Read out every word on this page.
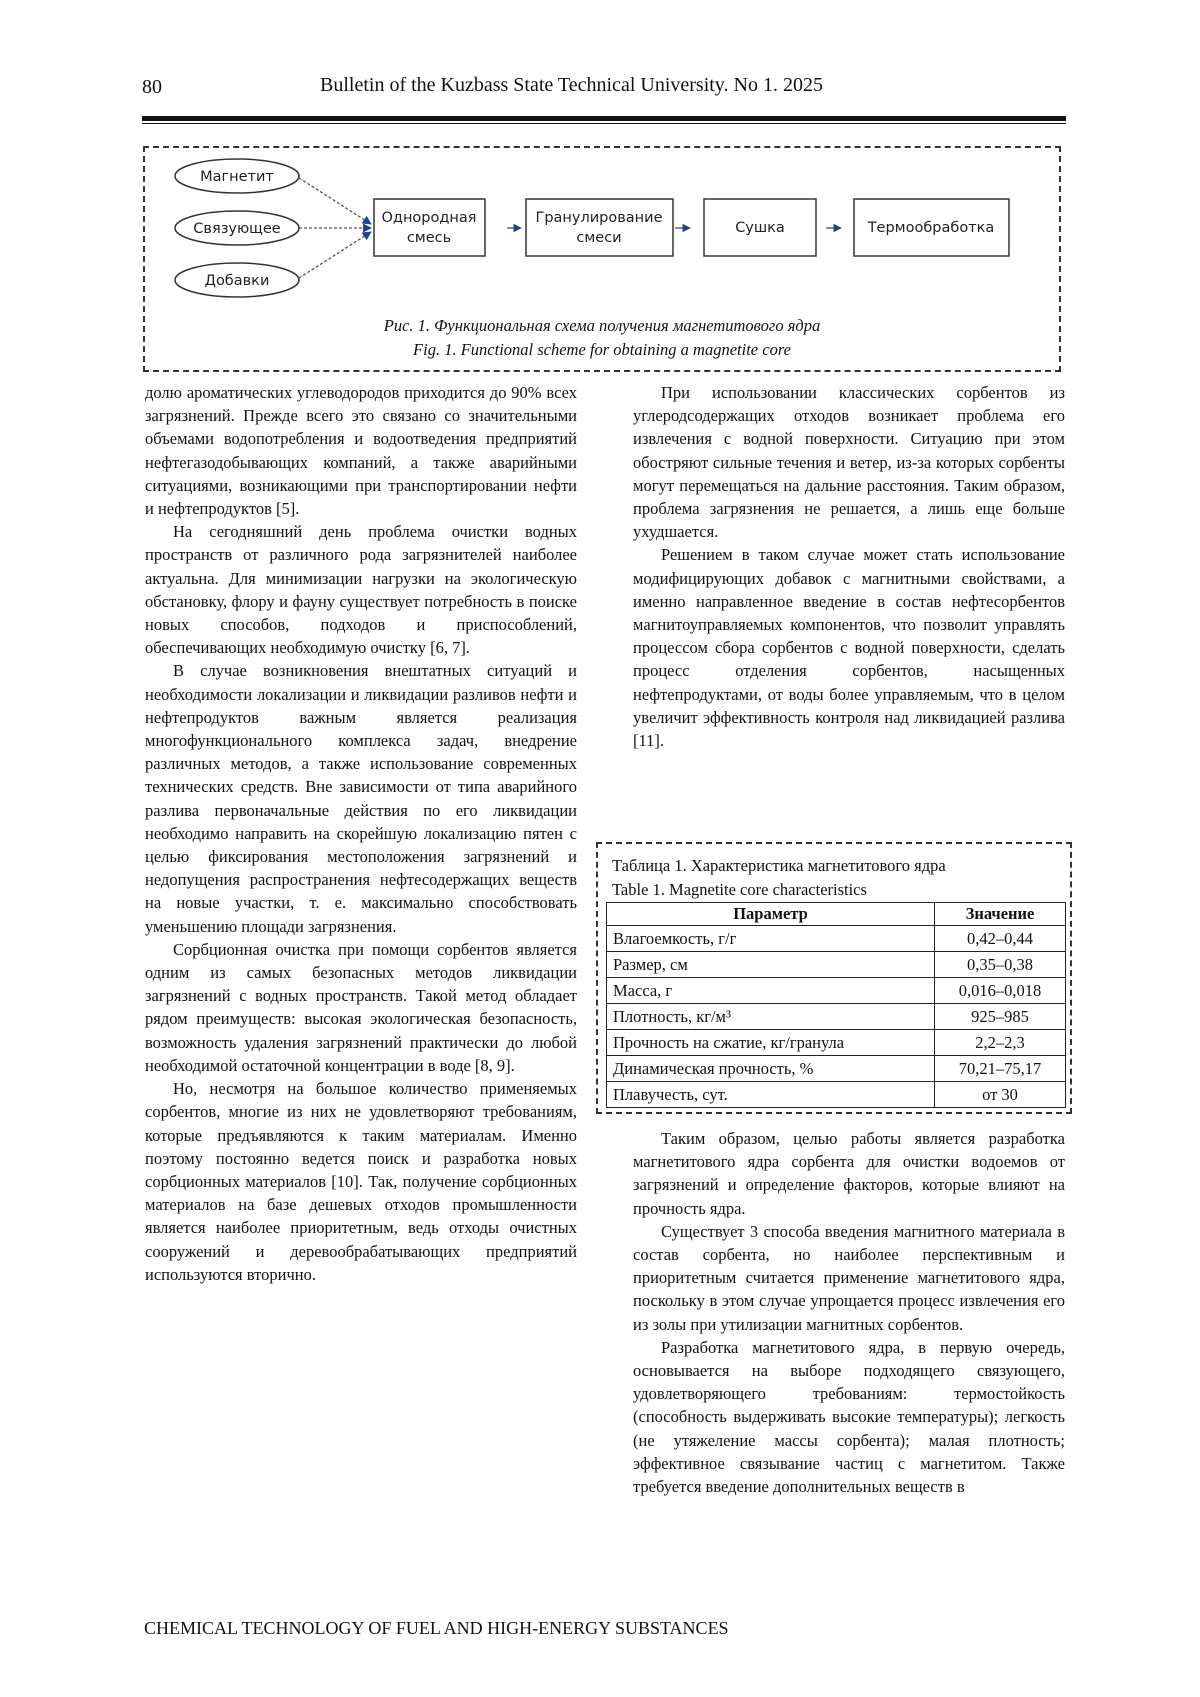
80	Bulletin of the Kuzbass State Technical University. No 1. 2025
Магнетит
Связующее
Добавки
Однородная
смесь
Гранулирование
смеси
Сушка	Термообработка
Рис. 1. Функциональная схема получения магнетитового ядра
Fig. 1. Functional scheme for obtaining a magnetite core

долю ароматических углеводородов приходится до 90% всех загрязнений. Прежде всего это связано со значительными объемами водопотребления и водоотведения предприятий нефтегазодобывающих компаний, а также аварийными ситуациями, возникающими при транспортировании нефти и нефтепродуктов [5].

На сегодняшний день проблема очистки водных пространств от различного рода загрязнителей наиболее актуальна. Для минимизации нагрузки на экологическую обстановку, флору и фауну существует потребность в поиске новых способов, подходов и приспособлений, обеспечивающих необходимую очистку [6, 7].

В случае возникновения внештатных ситуаций и необходимости локализации и ликвидации разливов нефти и нефтепродуктов важным является реализация многофункционального комплекса задач, внедрение различных методов, а также использование современных технических средств. Вне зависимости от типа аварийного разлива первоначальные действия по его ликвидации необходимо направить на скорейшую локализацию пятен с целью фиксирования местоположения загрязнений и недопущения распространения нефтесодержащих веществ на новые участки, т. е. максимально способствовать уменьшению площади загрязнения.

Сорбционная очистка при помощи сорбентов является одним из самых безопасных методов ликвидации загрязнений с водных пространств. Такой метод обладает рядом преимуществ: высокая экологическая безопасность, возможность удаления загрязнений практически до любой необходимой остаточной концентрации в воде [8, 9].

Но, несмотря на большое количество применяемых сорбентов, многие из них не удовлетворяют требованиям, которые предъявляются к таким материалам. Именно поэтому постоянно ведется поиск и разработка новых сорбционных материалов [10]. Так, получение сорбционных материалов на базе дешевых отходов промышленности является наиболее приоритетным, ведь отходы очистных сооружений и деревообрабатывающих предприятий используются вторично.

При использовании классических сорбентов из углеродсодержащих отходов возникает проблема его извлечения с водной поверхности. Ситуацию при этом обостряют сильные течения и ветер, из-за которых сорбенты могут перемещаться на дальние расстояния. Таким образом, проблема загрязнения не решается, а лишь еще больше ухудшается.

Решением в таком случае может стать использование модифицирующих добавок с магнитными свойствами, а именно направленное введение в состав нефтесорбентов магнитоуправляемых компонентов, что позволит управлять процессом сбора сорбентов с водной поверхности, сделать процесс отделения сорбентов, насыщенных нефтепродуктами, от воды более управляемым, что в целом увеличит эффективность контроля над ликвидацией разлива [11].

Таблица 1. Характеристика магнетитового ядра
Table 1. Magnetite core characteristics
Параметр	Значение
Влагоемкость, г/г	0,42–0,44
Размер, см	0,35–0,38
Масса, г	0,016–0,018
Плотность, кг/м³	925–985
Прочность на сжатие, кг/гранула	2,2–2,3
Динамическая прочность, %	70,21–75,17
Плавучесть, сут.	от 30

Таким образом, целью работы является разработка магнетитового ядра сорбента для очистки водоемов от загрязнений и определение факторов, которые влияют на прочность ядра.

Существует 3 способа введения магнитного материала в состав сорбента, но наиболее перспективным и приоритетным считается применение магнетитового ядра, поскольку в этом случае упрощается процесс извлечения его из золы при утилизации магнитных сорбентов.

Разработка магнетитового ядра, в первую очередь, основывается на выборе подходящего связующего, удовлетворяющего требованиям: термостойкость (способность выдерживать высокие температуры); легкость (не утяжеление массы сорбента); малая плотность; эффективное связывание частиц с магнетитом. Также требуется введение дополнительных веществ в

CHEMICAL TECHNOLOGY OF FUEL AND HIGH-ENERGY SUBSTANCES
